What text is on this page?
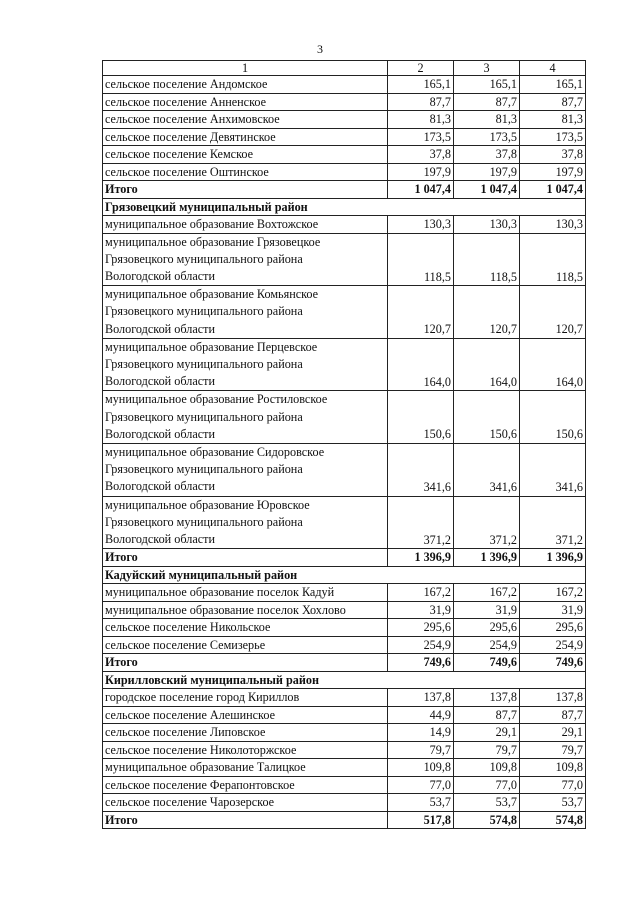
3
1	2	3	4
сельское поселение Андомское	165,1	165,1	165,1
сельское поселение Анненское	87,7	87,7	87,7
сельское поселение Анхимовское	81,3	81,3	81,3
сельское поселение Девятинское	173,5	173,5	173,5
сельское поселение Кемское	37,8	37,8	37,8
сельское поселение Оштинское	197,9	197,9	197,9
Итого	1 047,4	1 047,4	1 047,4
Грязовецкий муниципальный район			
муниципальное образование Вохтожское	130,3	130,3	130,3

муниципальное образование Грязовецкое
Грязовецкого муниципального района
Вологодской области	118,5	118,5	118,5

муниципальное образование Комьянское
Грязовецкого муниципального района
Вологодской области	120,7	120,7	120,7

муниципальное образование Перцевское
Грязовецкого муниципального района
Вологодской области	164,0	164,0	164,0

муниципальное образование Ростиловское
Грязовецкого муниципального района
Вологодской области	150,6	150,6	150,6

муниципальное образование Сидоровское
Грязовецкого муниципального района
Вологодской области	341,6	341,6	341,6

муниципальное образование Юровское
Грязовецкого муниципального района
Вологодской области	371,2	371,2	371,2
Итого	1 396,9	1 396,9	1 396,9
Кадуйский муниципальный район			
муниципальное образование поселок Кадуй	167,2	167,2	167,2
муниципальное образование поселок Хохлово	31,9	31,9	31,9
сельское поселение Никольское	295,6	295,6	295,6
сельское поселение Семизерье	254,9	254,9	254,9
Итого	749,6	749,6	749,6
Кирилловский муниципальный район			
городское поселение город Кириллов	137,8	137,8	137,8
сельское поселение Алешинское	44,9	87,7	87,7
сельское поселение Липовское	14,9	29,1	29,1
сельское поселение Николоторжское	79,7	79,7	79,7
муниципальное образование Талицкое	109,8	109,8	109,8
сельское поселение Ферапонтовское	77,0	77,0	77,0
сельское поселение Чарозерское	53,7	53,7	53,7
Итого	517,8	574,8	574,8
